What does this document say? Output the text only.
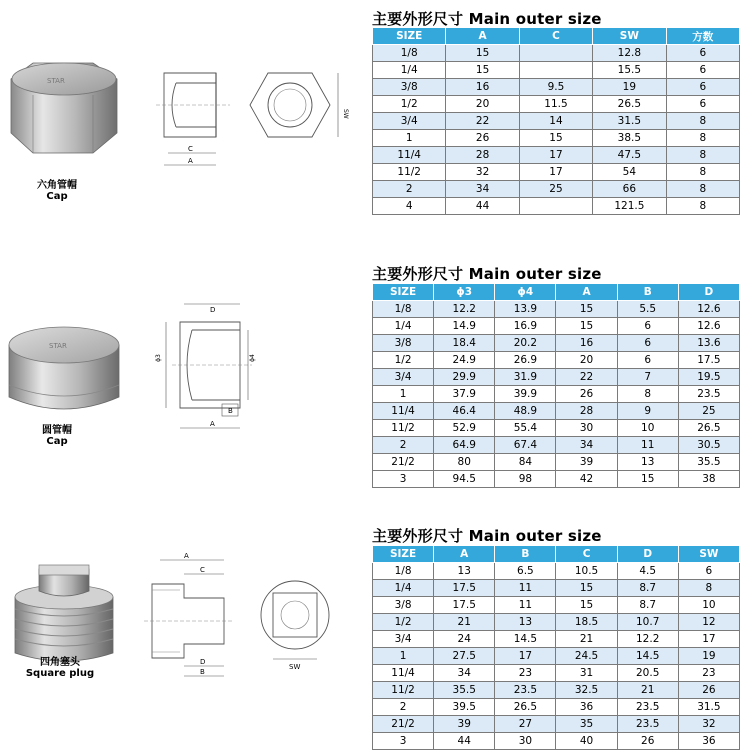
STAR
六角管帽
Cap
C
A
SW
主要外形尺寸 Main outer size
SIZE	A	C	SW	方数
1/8	15		12.8	6
1/4	15		15.5	6
3/8	16	9.5	19	6
1/2	20	11.5	26.5	6
3/4	22	14	31.5	8
1	26	15	38.5	8
11/4	28	17	47.5	8
11/2	32	17	54	8
2	34	25	66	8
4	44		121.5	8
STAR
圆管帽
Cap
D
ϕ3	ϕ4
B
A
主要外形尺寸 Main outer size
SIZE	ϕ3	ϕ4	A	B	D
1/8	12.2	13.9	15	5.5	12.6
1/4	14.9	16.9	15	6	12.6
3/8	18.4	20.2	16	6	13.6
1/2	24.9	26.9	20	6	17.5
3/4	29.9	31.9	22	7	19.5
1	37.9	39.9	26	8	23.5
11/4	46.4	48.9	28	9	25
11/2	52.9	55.4	30	10	26.5
2	64.9	67.4	34	11	30.5
21/2	80	84	39	13	35.5
3	94.5	98	42	15	38
四角塞头
Square plug
A
C
D
B
SW
主要外形尺寸 Main outer size
SIZE	A	B	C	D	SW
1/8	13	6.5	10.5	4.5	6
1/4	17.5	11	15	8.7	8
3/8	17.5	11	15	8.7	10
1/2	21	13	18.5	10.7	12
3/4	24	14.5	21	12.2	17
1	27.5	17	24.5	14.5	19
11/4	34	23	31	20.5	23
11/2	35.5	23.5	32.5	21	26
2	39.5	26.5	36	23.5	31.5
21/2	39	27	35	23.5	32
3	44	30	40	26	36
